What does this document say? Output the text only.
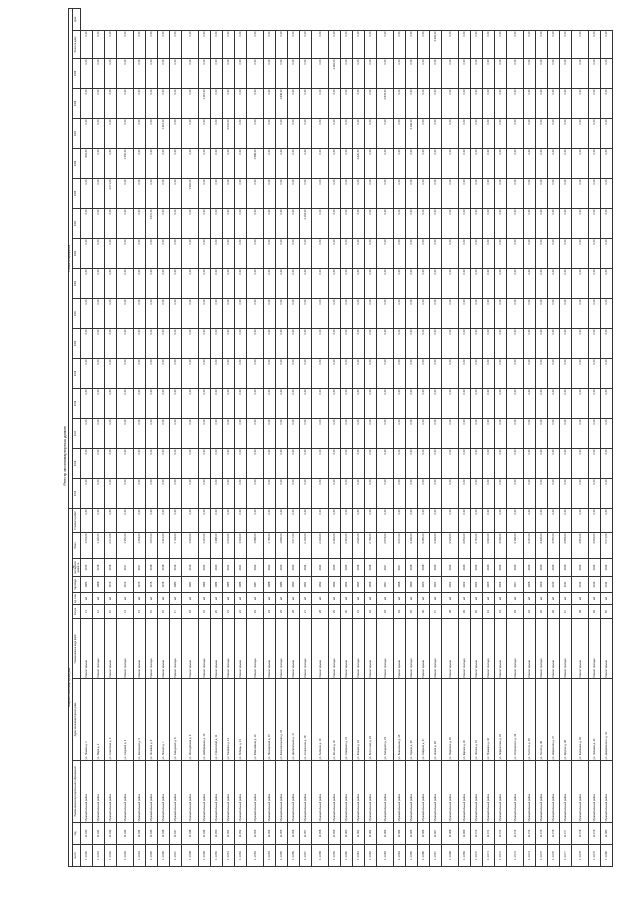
Реестр многоквартирных домов
Сведения о многоквартирном доме											Стоимость мероприятий																
№ п/п	Код	Наименование муниципального образования	Адрес многоквартирного дома	Наименование вида работ	Кол-во	Ед. изм.	Год ввода	Год последнего ремонта	Всего	Стоимость работ	2015	2016	2017	2018	2019	2020	2021	2022	2023	2024	2025	2026	2027	2028	2029	Всего по дому	Срок
1.1.040	11.040	Муниципальный район	ул. Ленина д. 1	Ремонт крыши	11	м2	1965	2015	1 054,00	0,00	0,00	0,00	0,00	0,00	0,00	0,00	0,00	0,00	0,00	0,00	0,00	654,00	0,00	0,00	0,00	0,00	
1.1.041	11.041	Муниципальный район	ул. Мира д. 2	Ремонт фасада	12	м2	1968	2016	1 120,00	0,00	0,00	0,00	0,00	0,00	0,00	0,00	0,00	0,00	0,00	0,00	0,00	0,00	0,00	0,00	0,00	0,00	
1.1.042	11.042	Муниципальный район	ул. Советская д. 3	Ремонт крыши	10	м2	1970	2016	2 071,00	0,00	0,00	0,00	0,00	0,00	0,00	0,00	0,00	0,00	0,00	0,00	2 071,00	0,00	0,00	0,00	0,00	0,00	
1.1.043	11.043	Муниципальный район	ул. Садовая д. 4	Ремонт фасада	14	м2	1972	2017	1 350,00	0,00	0,00	0,00	0,00	0,00	0,00	0,00	0,00	0,00	0,00	0,00	0,00	1 350,00	0,00	0,00	0,00	0,00	
1.1.044	11.044	Муниципальный район	ул. Школьная д. 5	Ремонт крыши	13	м2	1975	2017	1 254,00	0,00	0,00	0,00	0,00	0,00	0,00	0,00	0,00	0,00	0,00	0,00	0,00	0,00	0,00	0,00	0,00	0,00	
1.1.045	11.045	Муниципальный район	ул. Полевая д. 6	Ремонт фасада	15	м2	1976	2018	1 670,00	0,00	0,00	0,00	0,00	0,00	0,00	0,00	0,00	0,00	0,00	1 670,00	0,00	0,00	0,00	0,00	0,00	0,00	
1.1.046	11.046	Муниципальный район	ул. Лесная д. 7	Ремонт крыши	16	м2	1978	2018	1 412,00	0,00	0,00	0,00	0,00	0,00	0,00	0,00	0,00	0,00	0,00	0,00	0,00	0,00	1 412,00	0,00	0,00	0,00	
1.1.047	11.047	Муниципальный район	ул. Заводская д. 8	Ремонт фасада	17	м2	1980	2019	1 734,00	0,00	0,00	0,00	0,00	0,00	0,00	0,00	0,00	0,00	0,00	0,00	0,00	0,00	0,00	0,00	0,00	0,00	
1.1.048	11.048	Муниципальный район	ул. Молодёжная д. 9	Ремонт крыши	18	м2	1981	2019	1 902,00	0,00	0,00	0,00	0,00	0,00	0,00	0,00	0,00	0,00	0,00	0,00	1 902,00	0,00	0,00	0,00	0,00	0,00	
1.1.049	11.049	Муниципальный район	ул. Набережная д. 10	Ремонт фасада	19	м2	1983	2020	1 215,00	0,00	0,00	0,00	0,00	0,00	0,00	0,00	0,00	0,00	0,00	0,00	0,00	0,00	0,00	1 215,00	0,00	0,00	
1.1.050	11.050	Муниципальный район	ул. Строителей д. 11	Ремонт крыши	20	м2	1984	2020	1 388,00	0,00	0,00	0,00	0,00	0,00	0,00	0,00	0,00	0,00	0,00	0,00	0,00	0,00	0,00	0,00	0,00	0,00	
1.1.051	11.051	Муниципальный район	ул. Гагарина д. 12	Ремонт фасада	21	м2	1985	2021	2 031,00	0,00	0,00	0,00	0,00	0,00	0,00	0,00	0,00	0,00	0,00	0,00	0,00	0,00	2 031,00	0,00	0,00	0,00	
1.1.052	11.052	Муниципальный район	ул. Победы д. 13	Ремонт крыши	22	м2	1986	2021	1 544,00	0,00	0,00	0,00	0,00	0,00	0,00	0,00	0,00	0,00	0,00	0,00	0,00	0,00	0,00	0,00	0,00	0,00	
1.1.053	11.053	Муниципальный район	ул. Юбилейная д. 14	Ремонт фасада	23	м2	1987	2022	1 688,00	0,00	0,00	0,00	0,00	0,00	0,00	0,00	0,00	0,00	0,00	0,00	0,00	1 688,00	0,00	0,00	0,00	0,00	
1.1.054	11.054	Муниципальный район	ул. Пионерская д. 15	Ремонт крыши	24	м2	1988	2022	1 795,00	0,00	0,00	0,00	0,00	0,00	0,00	0,00	0,00	0,00	0,00	0,00	0,00	0,00	0,00	0,00	0,00	0,00	
1.1.055	11.055	Муниципальный район	ул. Комсомольская д. 16	Ремонт фасада	25	м2	1989	2023	1 846,00	0,00	0,00	0,00	0,00	0,00	0,00	0,00	0,00	0,00	0,00	0,00	0,00	0,00	0,00	1 846,00	0,00	0,00	
1.1.056	11.056	Муниципальный район	ул. Центральная д. 17	Ремонт крыши	26	м2	1990	2023	1 977,00	0,00	0,00	0,00	0,00	0,00	0,00	0,00	0,00	0,00	0,00	0,00	0,00	0,00	0,00	0,00	0,00	0,00	
1.1.057	11.057	Муниципальный район	ул. Солнечная д. 18	Ремонт фасада	27	м2	1991	2024	2 104,00	0,00	0,00	0,00	0,00	0,00	0,00	0,00	0,00	0,00	0,00	2 104,00	0,00	0,00	0,00	0,00	0,00	0,00	
1.1.058	11.058	Муниципальный район	ул. Зелёная д. 19	Ремонт крыши	28	м2	1992	2024	2 233,00	0,00	0,00	0,00	0,00	0,00	0,00	0,00	0,00	0,00	0,00	0,00	0,00	0,00	0,00	0,00	0,00	0,00	
1.1.059	11.059	Муниципальный район	ул. Речная д. 20	Ремонт фасада	29	м2	1993	2025	2 362,00	0,00	0,00	0,00	0,00	0,00	0,00	0,00	0,00	0,00	0,00	0,00	0,00	0,00	0,00	0,00	2 362,00	0,00	
1.1.060	11.060	Муниципальный район	ул. Северная д. 21	Ремонт крыши	30	м2	1994	2025	2 491,00	0,00	0,00	0,00	0,00	0,00	0,00	0,00	0,00	0,00	0,00	0,00	0,00	0,00	0,00	0,00	0,00	0,00	
1.1.061	11.061	Муниципальный район	ул. Южная д. 22	Ремонт фасада	31	м2	1995	2026	2 620,00	0,00	0,00	0,00	0,00	0,00	0,00	0,00	0,00	0,00	0,00	0,00	0,00	2 620,00	0,00	0,00	0,00	0,00	
1.1.062	11.062	Муниципальный район	ул. Восточная д. 23	Ремонт крыши	32	м2	1996	2026	2 749,00	0,00	0,00	0,00	0,00	0,00	0,00	0,00	0,00	0,00	0,00	0,00	0,00	0,00	0,00	0,00	0,00	0,00	
1.1.063	11.063	Муниципальный район	ул. Западная д. 24	Ремонт фасада	33	м2	1997	2027	2 878,00	0,00	0,00	0,00	0,00	0,00	0,00	0,00	0,00	0,00	0,00	0,00	0,00	0,00	0,00	2 878,00	0,00	0,00	
1.1.064	11.064	Муниципальный район	ул. Вокзальная д. 25	Ремонт крыши	34	м2	1998	2027	3 007,00	0,00	0,00	0,00	0,00	0,00	0,00	0,00	0,00	0,00	0,00	0,00	0,00	0,00	0,00	0,00	0,00	0,00	
1.1.065	11.065	Муниципальный район	ул. Горная д. 26	Ремонт фасада	35	м2	1999	2028	3 136,00	0,00	0,00	0,00	0,00	0,00	0,00	0,00	0,00	0,00	0,00	0,00	0,00	0,00	3 136,00	0,00	0,00	0,00	
1.1.066	11.066	Муниципальный район	ул. Озёрная д. 27	Ремонт крыши	36	м2	2000	2028	3 265,00	0,00	0,00	0,00	0,00	0,00	0,00	0,00	0,00	0,00	0,00	0,00	0,00	0,00	0,00	0,00	0,00	0,00	
1.1.067	11.067	Муниципальный район	ул. Новая д. 28	Ремонт фасада	37	м2	2001	2029	3 394,00	0,00	0,00	0,00	0,00	0,00	0,00	0,00	0,00	0,00	0,00	0,00	0,00	0,00	0,00	0,00	0,00	3 394,00	
1.1.068	11.068	Муниципальный район	ул. Парковая д. 29	Ремонт крыши	38	м2	2002	2029	3 523,00	0,00	0,00	0,00	0,00	0,00	0,00	0,00	0,00	0,00	0,00	0,00	0,00	0,00	0,00	0,00	0,00	0,00	
1.1.069	11.069	Муниципальный район	ул. Кирова д. 30	Ремонт фасада	39	м2	2003	2029	3 652,00	0,00	0,00	0,00	0,00	0,00	0,00	0,00	0,00	0,00	0,00	0,00	0,00	0,00	0,00	0,00	0,00	0,00	
1.1.070	11.070	Муниципальный район	ул. Чехова д. 31	Ремонт крыши	40	м2	2004	2029	3 781,00	0,00	0,00	0,00	0,00	0,00	0,00	0,00	0,00	0,00	0,00	0,00	0,00	0,00	0,00	0,00	0,00	0,00	
1.1.071	11.071	Муниципальный район	ул. Пушкина д. 32	Ремонт фасада	41	м2	2005	2029	3 910,00	0,00	0,00	0,00	0,00	0,00	0,00	0,00	0,00	0,00	0,00	0,00	0,00	0,00	0,00	0,00	0,00	0,00	
1.1.072	11.072	Муниципальный район	ул. Лермонтова д. 33	Ремонт крыши	42	м2	2006	2029	4 039,00	0,00	0,00	0,00	0,00	0,00	0,00	0,00	0,00	0,00	0,00	0,00	0,00	0,00	0,00	0,00	0,00	0,00	
1.1.073	11.073	Муниципальный район	ул. Островского д. 34	Ремонт фасада	43	м2	2007	2029	4 168,00	0,00	0,00	0,00	0,00	0,00	0,00	0,00	0,00	0,00	0,00	0,00	0,00	0,00	0,00	0,00	0,00	0,00	
1.1.074	11.074	Муниципальный район	ул. Толстого д. 35	Ремонт крыши	44	м2	2008	2029	4 297,00	0,00	0,00	0,00	0,00	0,00	0,00	0,00	0,00	0,00	0,00	0,00	0,00	0,00	0,00	0,00	0,00	0,00	
1.1.075	11.075	Муниципальный район	ул. Гоголя д. 36	Ремонт фасада	45	м2	2009	2029	4 426,00	0,00	0,00	0,00	0,00	0,00	0,00	0,00	0,00	0,00	0,00	0,00	0,00	0,00	0,00	0,00	0,00	0,00	
1.1.076	11.076	Муниципальный район	ул. Некрасова д. 37	Ремонт крыши	46	м2	2010	2029	4 555,00	0,00	0,00	0,00	0,00	0,00	0,00	0,00	0,00	0,00	0,00	0,00	0,00	0,00	0,00	0,00	0,00	0,00	
1.1.077	11.077	Муниципальный район	ул. Фрунзе д. 38	Ремонт фасада	47	м2	2011	2029	4 684,00	0,00	0,00	0,00	0,00	0,00	0,00	0,00	0,00	0,00	0,00	0,00	0,00	0,00	0,00	0,00	0,00	0,00	
1.1.078	11.078	Муниципальный район	ул. Калинина д. 39	Ремонт крыши	48	м2	2012	2029	4 813,00	0,00	0,00	0,00	0,00	0,00	0,00	0,00	0,00	0,00	0,00	0,00	0,00	0,00	0,00	0,00	0,00	0,00	
1.1.079	11.079	Муниципальный район	ул. Чапаева д. 40	Ремонт фасада	49	м2	2013	2029	4 942,00	0,00	0,00	0,00	0,00	0,00	0,00	0,00	0,00	0,00	0,00	0,00	0,00	0,00	0,00	0,00	0,00	0,00	
1.1.080	11.080	Муниципальный район	ул. Дзержинского д. 41	Ремонт крыши	50	м2	2014	2029	5 071,00	0,00	0,00	0,00	0,00	0,00	0,00	0,00	0,00	0,00	0,00	0,00	0,00	0,00	0,00	0,00	0,00	0,00	
